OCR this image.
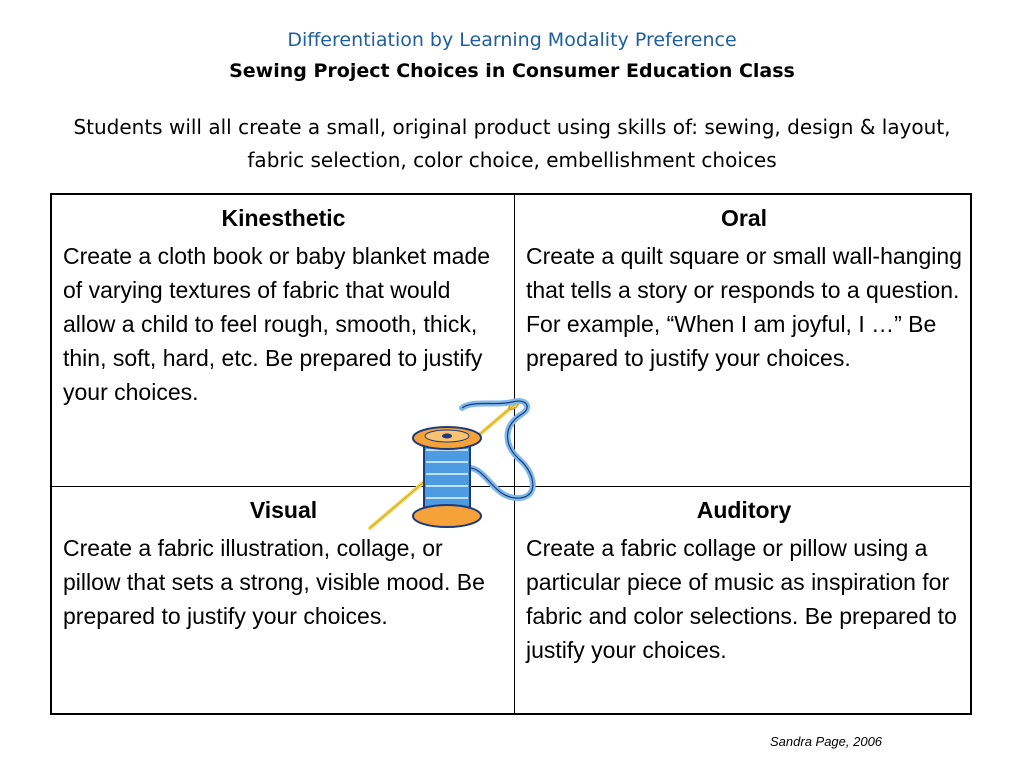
Differentiation by Learning Modality Preference
Sewing Project Choices in Consumer Education Class
Students will all create a small, original product using skills of: sewing, design & layout, fabric selection, color choice, embellishment choices
Kinesthetic

Create a cloth book or baby blanket made of varying textures of fabric that would allow a child to feel rough, smooth, thick, thin, soft, hard, etc. Be prepared to justify your choices.

Oral

Create a quilt square or small wall-hanging that tells a story or responds to a question. For example, “When I am joyful, I …” Be prepared to justify your choices.

Visual

Create a fabric illustration, collage, or pillow that sets a strong, visible mood. Be prepared to justify your choices.

Auditory

Create a fabric collage or pillow using a particular piece of music as inspiration for fabric and color selections. Be prepared to justify your choices.

Sandra Page, 2006
